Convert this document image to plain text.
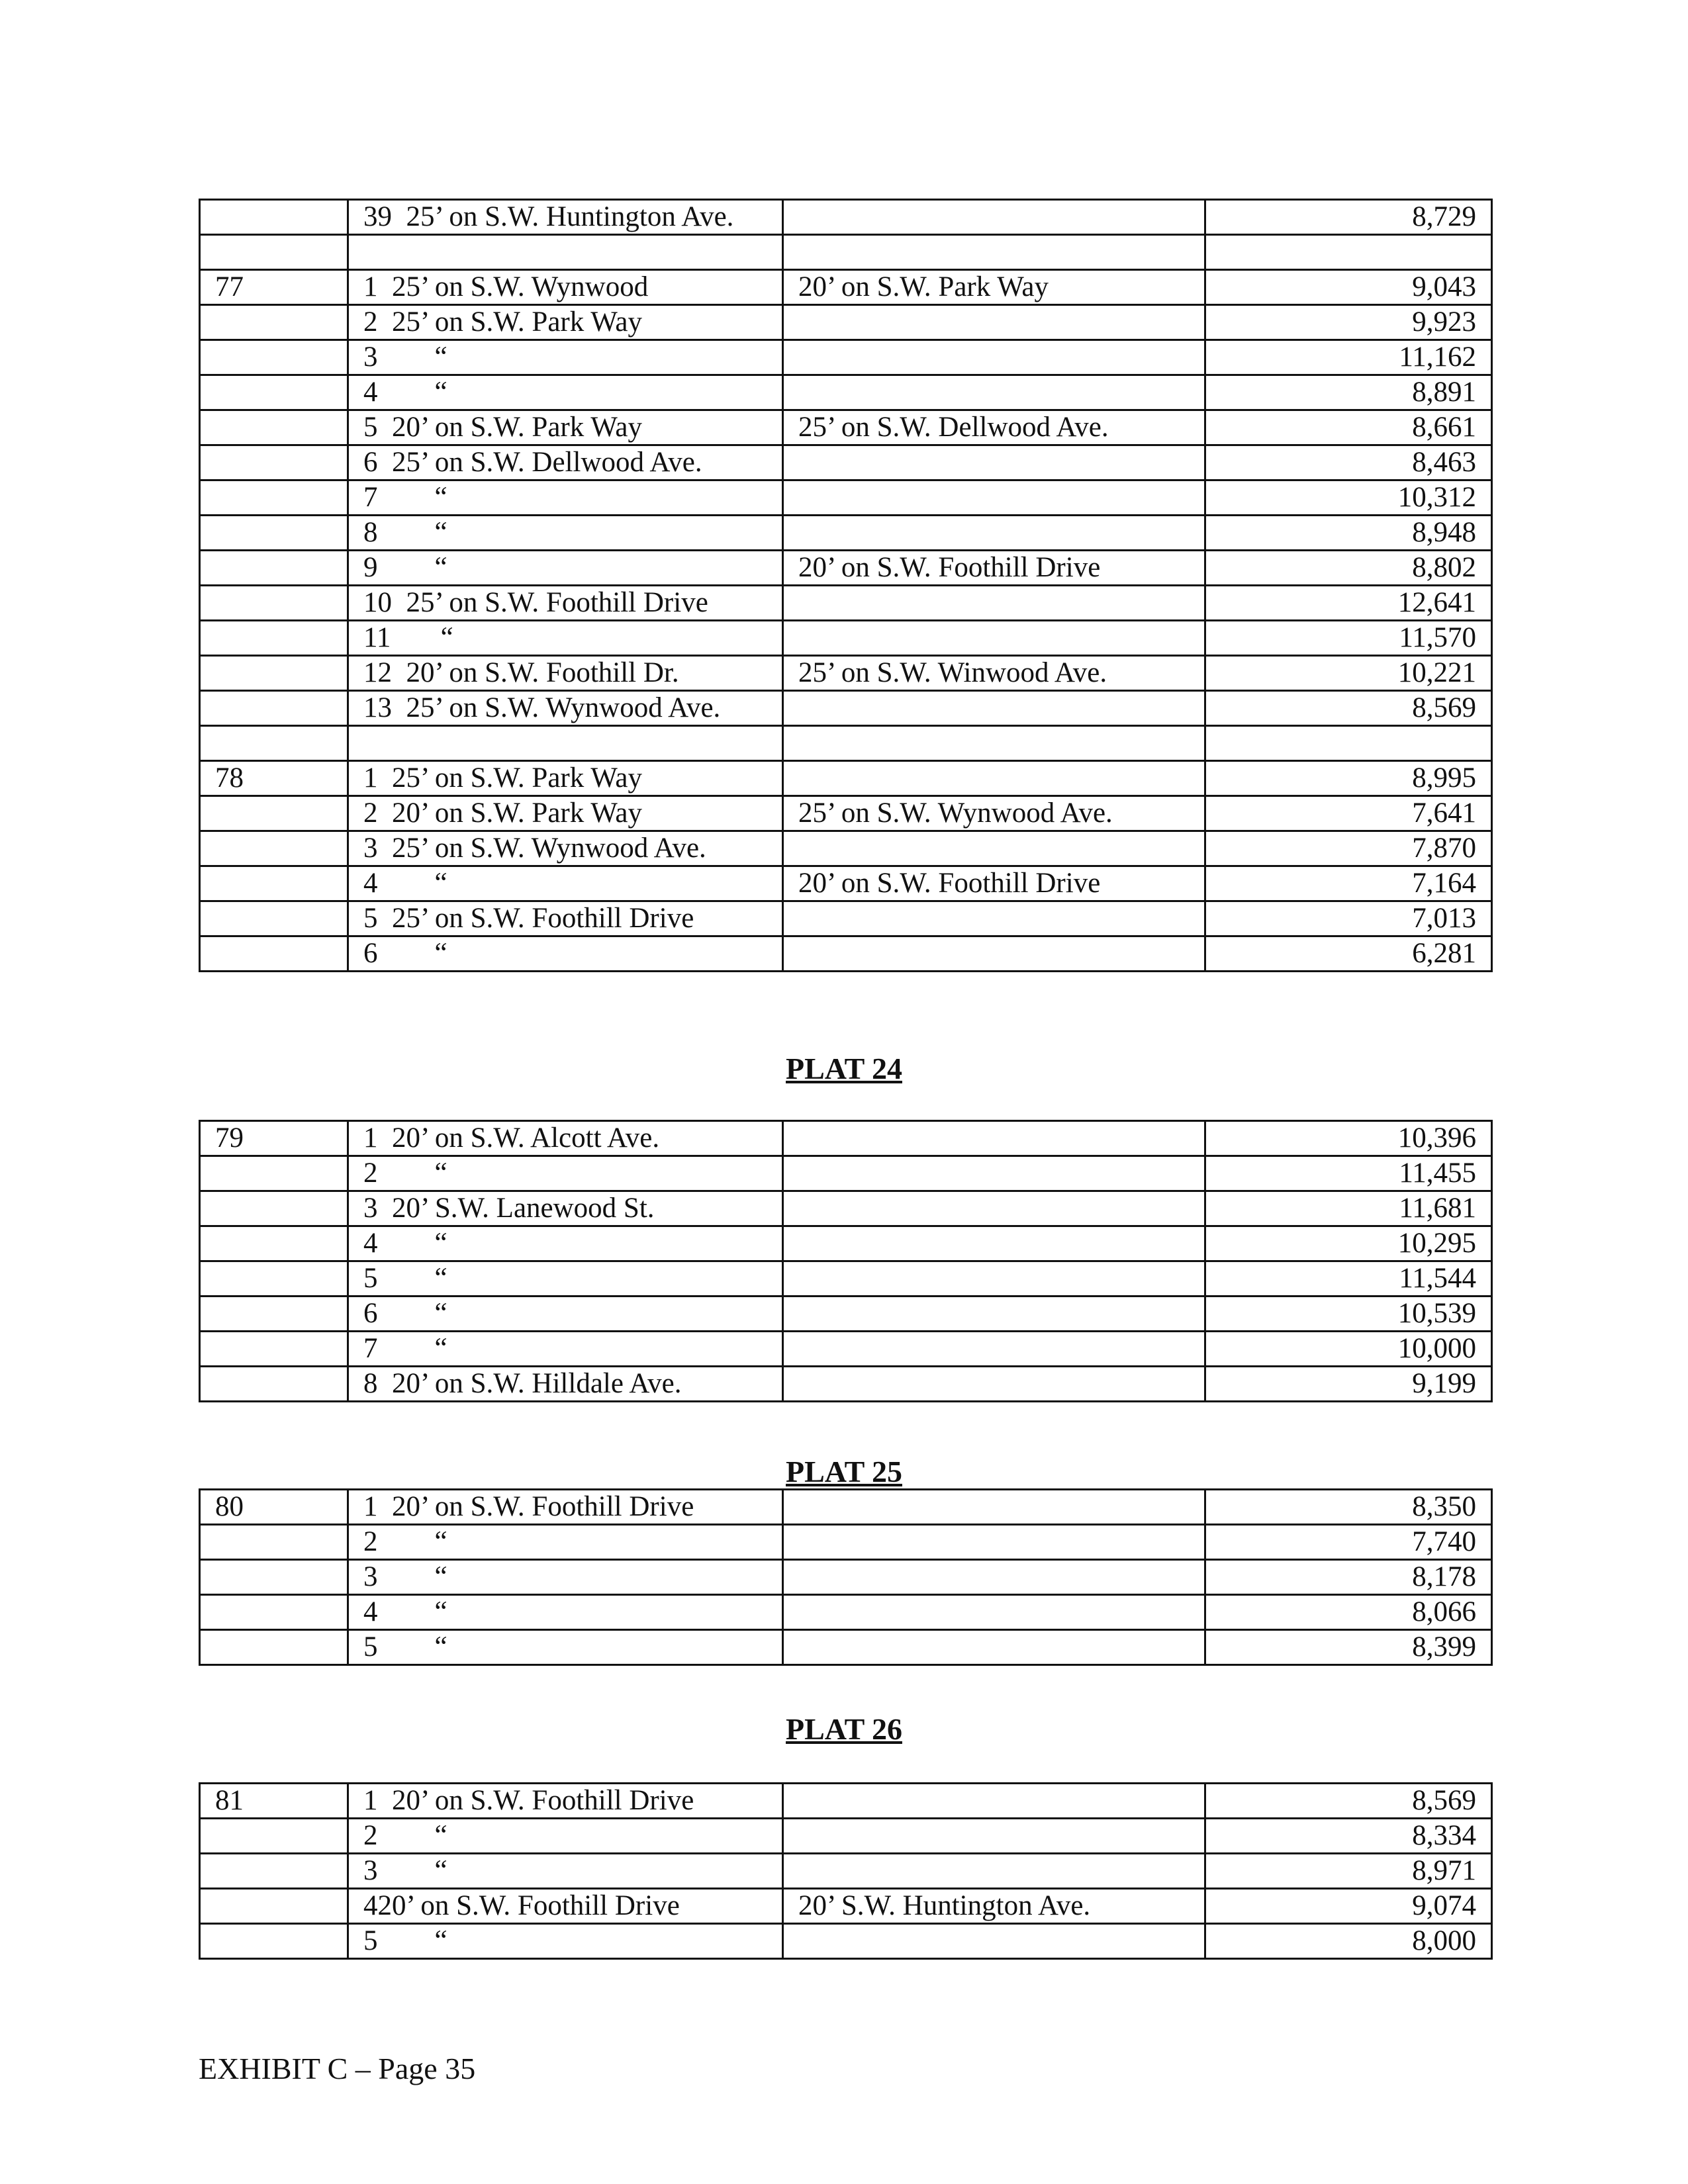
	39  25’ on S.W. Huntington Ave.		8,729

77	1  25’ on S.W. Wynwood	20’ on S.W. Park Way	9,043
	2  25’ on S.W. Park Way		9,923
	3        “		11,162
	4        “		8,891
	5  20’ on S.W. Park Way	25’ on S.W. Dellwood Ave.	8,661
	6  25’ on S.W. Dellwood Ave.		8,463
	7        “		10,312
	8        “		8,948
	9        “	20’ on S.W. Foothill Drive	8,802
	10  25’ on S.W. Foothill Drive		12,641
	11       “		11,570
	12  20’ on S.W. Foothill Dr.	25’ on S.W. Winwood Ave.	10,221
	13  25’ on S.W. Wynwood Ave.		8,569

78	1  25’ on S.W. Park Way		8,995
	2  20’ on S.W. Park Way	25’ on S.W. Wynwood Ave.	7,641
	3  25’ on S.W. Wynwood Ave.		7,870
	4        “	20’ on S.W. Foothill Drive	7,164
	5  25’ on S.W. Foothill Drive		7,013
	6        “		6,281
PLAT 24
79	1  20’ on S.W. Alcott Ave.		10,396
	2        “		11,455
	3  20’ S.W. Lanewood St.		11,681
	4        “		10,295
	5        “		11,544
	6        “		10,539
	7        “		10,000
	8  20’ on S.W. Hilldale Ave.		9,199
PLAT 25
80	1  20’ on S.W. Foothill Drive		8,350
	2        “		7,740
	3        “		8,178
	4        “		8,066
	5        “		8,399
PLAT 26
81	1  20’ on S.W. Foothill Drive		8,569
	2        “		8,334
	3        “		8,971
	420’ on S.W. Foothill Drive	20’ S.W. Huntington Ave.	9,074
	5        “		8,000
EXHIBIT C – Page 35
